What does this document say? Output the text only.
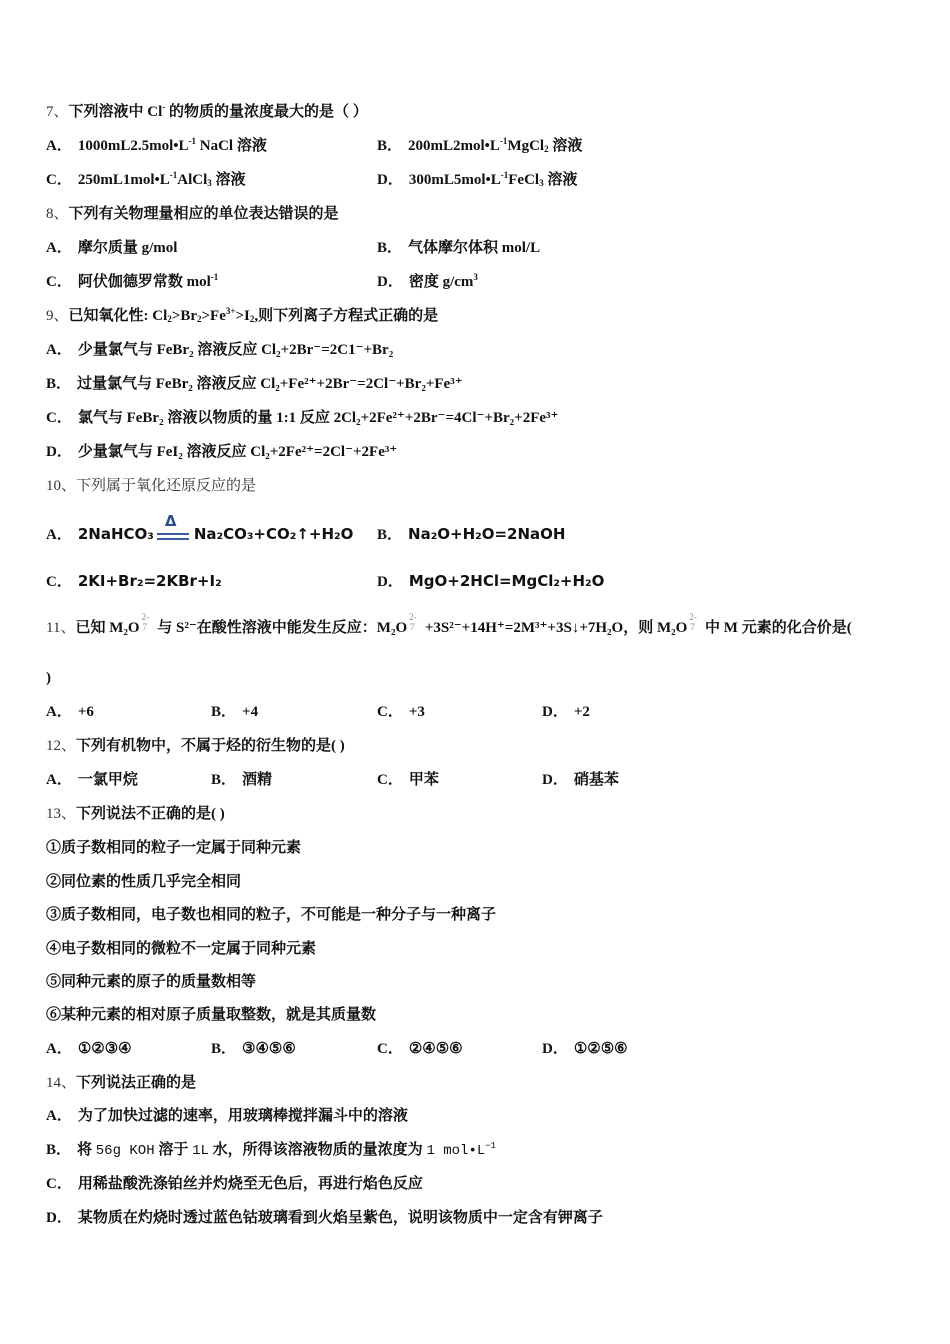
7、下列溶液中 Cl- 的物质的量浓度最大的是（ ）
A． $1000mL2.5mol•L^{-1}$ NaCl 溶液	B． $200mL2mol•L^{-1}MgCl_2$ 溶液
C． $250mL1mol•L^{-1}AlCl_3$ 溶液	D． $300mL5mol•L^{-1}FeCl_3$ 溶液
8、下列有关物理量相应的单位表达错误的是
A． 摩尔质量 g/mol	B． 气体摩尔体积 mol/L
C． 阿伏伽德罗常数 mol$^{-1}$	D． 密度 $g/cm^3$
9、已知氧化性: $Cl_2>Br_2>Fe^{3+}>I_2$,则下列离子方程式正确的是
A． 少量氯气与 FeBr₂ 溶液反应 Cl₂+2Br⁻=2C1⁻+Br₂
B． 过量氯气与 FeBr₂ 溶液反应 Cl₂+Fe²⁺+2Br⁻=2Cl⁻+Br₂+Fe³⁺
C． 氯气与 FeBr₂ 溶液以物质的量 1:1 反应 2Cl₂+2Fe²⁺+2Br⁻=4Cl⁻+Br₂+2Fe³⁺
D． 少量氯气与 FeI₂ 溶液反应 Cl₂+2Fe²⁺=2Cl⁻+2Fe³⁺
10、下列属于氧化还原反应的是
A． 2NaHCO₃
Δ
Na₂CO₃+CO₂↑+H₂O B． Na₂O+H₂O=2NaOH
C． 2KI+Br₂=2KBr+I₂	D． MgO+2HCl=MgCl₂+H₂O
11、已知 M₂O
2-
7 与 S²⁻在酸性溶液中能发生反应：M₂O
2-
7 +3S²⁻+14H⁺=2M³⁺+3S↓+7H₂O，则 M₂O
2-
7 中 M 元素的化合价是(
)
A． +6	B． +4	C． +3	D． +2
12、下列有机物中，不属于烃的衍生物的是( )
A． 一氯甲烷	B． 酒精	C． 甲苯	D． 硝基苯
13、下列说法不正确的是( )
①质子数相同的粒子一定属于同种元素
②同位素的性质几乎完全相同
③质子数相同，电子数也相同的粒子，不可能是一种分子与一种离子
④电子数相同的微粒不一定属于同种元素
⑤同种元素的原子的质量数相等
⑥某种元素的相对原子质量取整数，就是其质量数
A． ①②③④	B． ③④⑤⑥	C． ②④⑤⑥	D． ①②⑤⑥
14、下列说法正确的是
A． 为了加快过滤的速率，用玻璃棒搅拌漏斗中的溶液
B． 将 56g KOH 溶于 1L 水，所得该溶液物质的量浓度为 1 $mol•L^{-1}$
C． 用稀盐酸洗涤铂丝并灼烧至无色后，再进行焰色反应
D． 某物质在灼烧时透过蓝色钴玻璃看到火焰呈紫色，说明该物质中一定含有钾离子
